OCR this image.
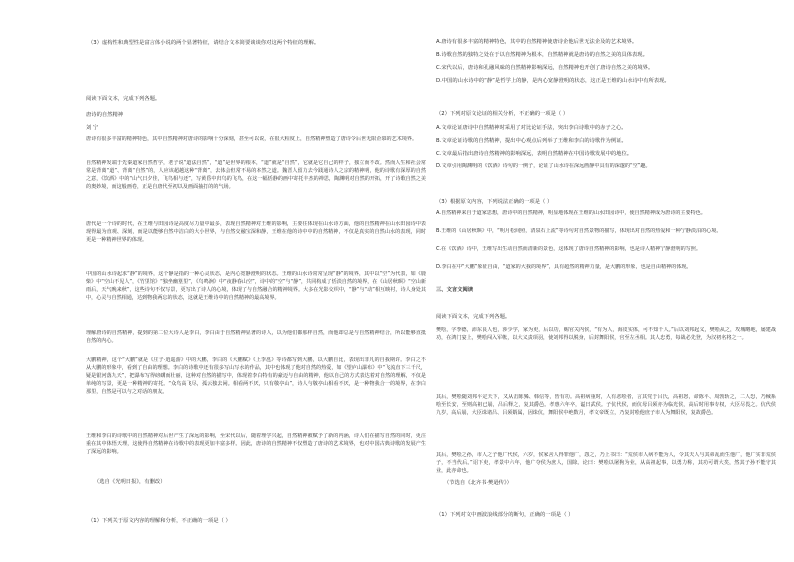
（3）虚构性和典型性是富言体小说的两个显著特征，请结合文本简要谈谈你对这两个特征的理解。

阅读下面文本，完成下列各题。

唐诗的自然精神

刘 宁

唐诗有很多丰富的精神特色，其中自然精神对唐诗的影响十分深刻，甚至可以说，在很大程度上，自然精神塑造了唐诗令后世无限企慕的艺术境界。

自然精神发端于先秦道家自然哲学，老子说“道法自然”，“道”是世界的根本，“道”就是“自然”，它就是它自己的样子，独立而不改。然而人生和社会常常是背离“道”、背离“自然”的，人应该超越这种“背离”，去体会但常不易的本然之道。魏晋人留力去今践通诗人之宗的精神明，他的诗歌有深厚的自然之意，《饮酒》中的“山气日夕佳，飞鸟相与还”，写黄昏中归鸟的飞鸟，在这一幅恬静的画中寄托丰杰的禅思，陶渊明对自然的开拓，开了诗歌自然之美的奥妙境，而这般画卷，正是自唐代至初以及画面抽打的的气场。

唐代是一个诗的时代，在王维与田园诗是高度尽力量中最多，表现自然精神对王维的影响，主要往体现在山水诗方面，他的自然精神在山水田园诗中表现得最为直观、深刻，而是以能够自然中洁白的大小世界，与自然交融宝深和静，王维在他的诗中中的自然精神，不仅是真实的自然山水的表现，同时更是一种精神世界的体现。

中国的山水诗起求“静”的境界，这个静是指的一种心灵状态，是内心宽静澄明的状态。王维的山水诗常常呈现“静”的境界，其中以“空”为代表，如《鹿柴》中“空山不见人”，《竹里馆》“独坐幽篁里”，《鸟鸣涧》中“夜静春山空”，诗中的“空”与“静”，共同构成了恬淡自然的境界，在《山居秋暝》“空山新雨后，天气晚来秋”，这些诗句不仅写景，更写出了诗人的心境，体现了与自然融合的精神境界。大多在光影交织中，“静”与“动”相互映衬，诗人身处其中，心灵与自然相通，达到物我两忘的状态，这就是王维诗中的自然精神的最高境界。

理解唐诗的自然精神，提到的第二位大诗人是李白，李白由于自然精神显著的诗人，以为他们都那样自然，而他却总是与自然精神结合，所以能够直抵自然的内心。

大鹏精神，这个“大鹏”就是《庄子·逍遥游》中的大鹏，李白的《大鹏赋》《上李邕》等诗都写到大鹏，以大鹏自比，表现出非凡的自我期许。李白之不从大鹏的形象中，看到了自由的理想。李白的诗歌中还有很多写山写水的作品，其中也体现了他对自然的热爱，如《望庐山瀑布》中“飞流直下三千尺，疑是银河落九天”，把瀑布写得磅礴而壮丽，这种对自然的描写中，体现着李白特有的豪迈与自由的精神，他以自己的方式表达着对自然的理解，不仅是单纯的写景，更是一种精神的寄托。“众鸟高飞尽，孤云独去闲。相看两不厌，只有敬亭山”，诗人与敬亭山相看不厌，是一种物我合一的境界，在李白那里，自然是可以与之对话的朋友。

王维和李白的诗歌中的自然精神对后世产生了深远的影响，至宋代以后，随着理学兴起，自然精神被赋予了新的内涵，诗人们在描写自然的同时，更注重在其中体悟天理，这使得自然精神在诗歌中的表现更加丰富多样。因此，唐诗的自然精神不仅塑造了唐诗的艺术境界，也对中国古典诗歌的发展产生了深远的影响。

（选自《光明日报》，有删改）

（1）下列关于原文内容的理解和分析，不正确的一项是（ ）

A.唐诗有很多丰富的精神特色，其中的自然精神使唐诗企他后世无法企及的艺术境界。

B.诗歌自然的独特之处在于以自然精神为根本，自然精神就是唐诗的自然之美的具体表现。

C.宋代以后，唐诗和孔融风味的自然精神影响深远，自然精神也开创了唐诗自然之美的境界。

D.中国的山水诗中的“静”是哲学上的静，是内心宽静澄明的状态，这正是王维的山水诗中有所表现。

（2）下列对原文论证的相关分析，不正确的一项是（ ）

A.文章论证唐诗中自然精神时采用了对比论证手法，突出李白诗歌中的赤子之心。

B.文章论证诗歌的自然精神，提出中心观点后列举了王维和李白的诗歌作为例证。

C.文章最后指出唐诗自然精神的影响深远，表明自然精神在中国诗歌发展中的地位。

D.文章引用陶渊明的《饮酒》诗句的一例子，论证了山水诗在深远画静中具有的深邃的“空”趣。

（3）根据原文内容，下列说法正确的一项是（ ）

A.自然精神来自于道家思想，唐诗中的自然精神，明显地体现在王维的山水田园诗中，使自然精神成为唐诗的主要特色。

B.王维的《山居秋暝》中，“明月松间照，清泉石上流”等诗句对自然景物的描写，体现出对自然的热爱和一种宁静淡泊的心境。

C.在《饮酒》诗中，王维写出生动自然而清新的景色，这体现了唐诗自然精神的影响，也是诗人精神宁静澄明的写照。

D.李白在中“大鹏”象征自由，“道家的大我的境界”，具有超然的精神力量，是大鹏的形象，也是自由精神的体现。

三、文言文阅读

阅读下面文本，完成下列各题。

樊哙，字季德，沛东良人也，涉少学，家为吏，后以功，赐官关内侯，“有为人，海皮实体，可不知千人。”后以刘邦起义，樊哙从之，攻城略地，屡建战功，在鸿门宴上，樊哙闯入军帐，以大义责项羽，使刘邦得以脱身，后封舞阳侯，官至左丞相。其人忠勇，每战必先登，为汉初名将之一。

其后，樊哙随刘邦平定天下，又从击陈豨、韩信等，皆有功。高祖病重时，人有恶哙者，言其党于吕氏，高祖怒，命陈平、周勃斩之，二人恐，乃械系哙至长安，至则高祖已崩，吕后释之，复其爵邑。孝惠六年卒，谥曰武侯。子伉代侯，而伉母吕须亦为临光侯，高后时用事专权，大臣尽畏之。伉代侯九岁，高后崩，大臣诛诸吕、吕须婿属，因诛伉，舞阳侯中绝数月，孝文帝既立，乃复封哙他庶子市人为舞阳侯，复故爵邑。

其后，樊哙之孙，市人之子他广代侯，六岁，侯家舍人得罪他广，怨之，乃上书曰：“荒侯市人病不能为人，令其夫人与其弟乱而生他广，他广实非荒侯子，不当代后。”诏下吏，孝景中六年，他广夺侯为庶人，国除。论曰：樊哙以屠狗为业，从高祖起事，以勇力称，其功可谓大矣，然其子孙不能守其业，此亦命也。

（节选自《北齐书·樊逊传》）

（1）下列对文中画波浪线部分的断句，正确的一项是（ ）
